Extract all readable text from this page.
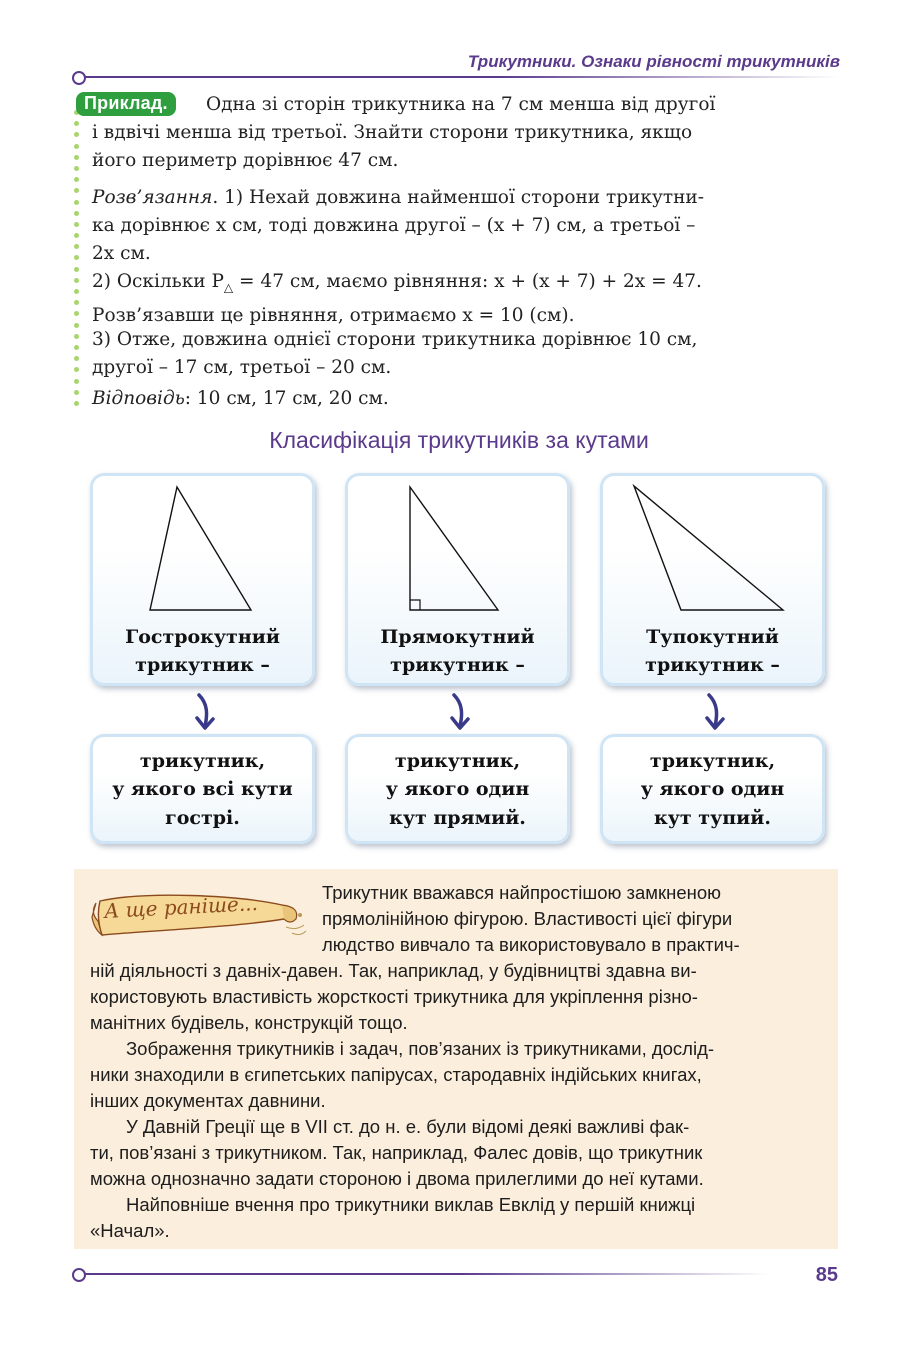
Трикутники. Ознаки рівності трикутників
Приклад.	Одна зі сторін трикутника на 7 см менша від другої
і вдвічі менша від третьої. Знайти сторони трикутника, якщо
його периметр дорівнює 47 см.
Розв’язання. 1) Нехай довжина найменшої сторони трикутни-
ка дорівнює x см, тоді довжина другої – (x + 7) см, а третьої –
2x см.
2) Оскільки $P_\triangle = 47$ см, маємо рівняння: x + (x + 7) + 2x = 47.
Розв’язавши це рівняння, отримаємо x = 10 (см).
3) Отже, довжина однієї сторони трикутника дорівнює 10 см,
другої – 17 см, третьої – 20 см.
Відповідь: 10 см, 17 см, 20 см.
Класифікація трикутників за кутами
Гострокутний
трикутник –
Прямокутний
трикутник –
Тупокутний
трикутник –
трикутник,
у якого всі кути
гострі.
трикутник,
у якого один
кут прямий.
трикутник,
у якого один
кут тупий.
А ще раніше...	Трикутник вважався найпростішою замкненою
прямолінійною фігурою. Властивості цієї фігури
людство вивчало та використовувало в практич-
ній діяльності з давніх-давен. Так, наприклад, у будівництві здавна ви-
користовують властивість жорсткості трикутника для укріплення різно-
манітних будівель, конструкцій тощо.
Зображення трикутників і задач, пов’язаних із трикутниками, дослід-
ники знаходили в єгипетських папірусах, стародавніх індійських книгах,
інших документах давнини.
У Давній Греції ще в VII ст. до н. е. були відомі деякі важливі фак-
ти, пов’язані з трикутником. Так, наприклад, Фалес довів, що трикутник
можна однозначно задати стороною і двома прилеглими до неї кутами.
Найповніше вчення про трикутники виклав Евклід у першій книжці
«Начал».
85
